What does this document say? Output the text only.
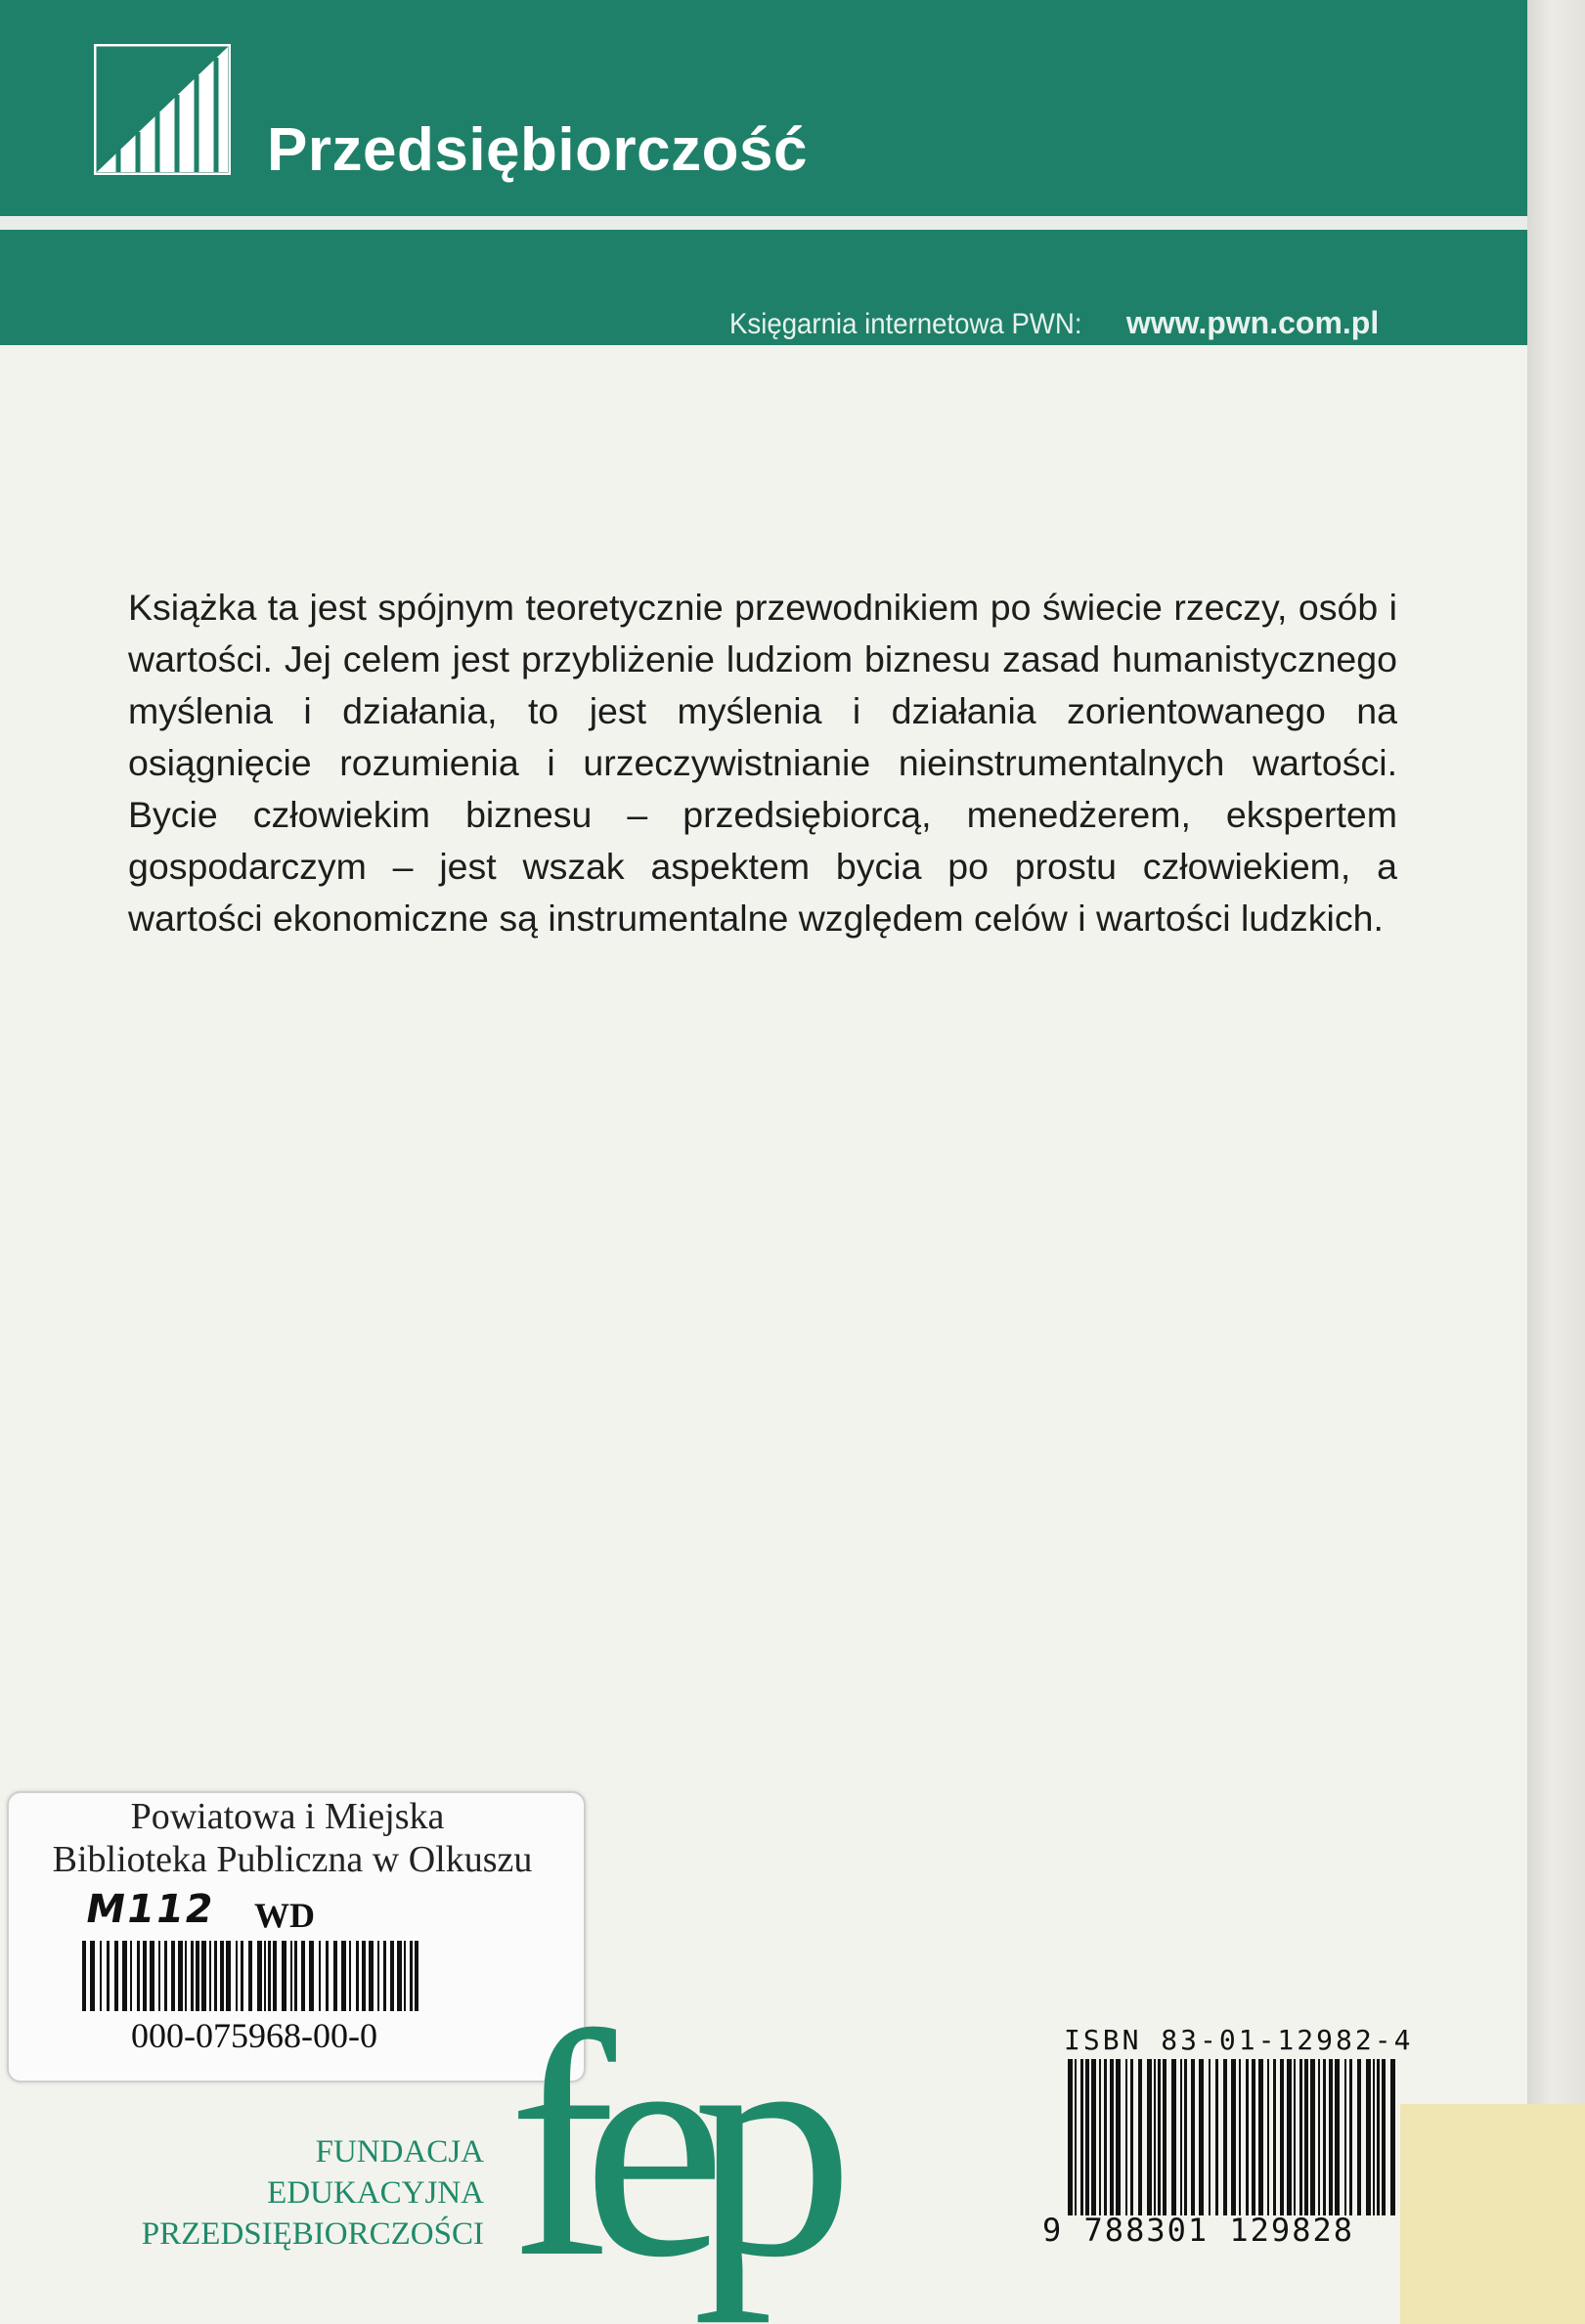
Przedsiębiorczość
Księgarnia internetowa PWN: www.pwn.com.pl
Książka ta jest spójnym teoretycznie przewodnikiem po świecie rzeczy, osób i wartości. Jej celem jest przybliżenie ludziom biznesu zasad humanistycznego myślenia i działania, to jest myślenia i działania zorientowanego na osiągnięcie rozumienia i urzeczywistnianie nieinstrumentalnych wartości. Bycie człowiekim biznesu – przedsiębiorcą, menedżerem, ekspertem gospodarczym – jest wszak aspektem bycia po prostu człowiekiem, a wartości ekonomiczne są instrumentalne względem celów i wartości ludzkich.
Powiatowa i Miejska
Biblioteka Publiczna w Olkuszu
M112 WD
000-075968-00-0 fep
FUNDACJA
EDUKACYJNA
PRZEDSIĘBIORCZOŚCI
ISBN 83-01-12982-4
9 788301 129828
